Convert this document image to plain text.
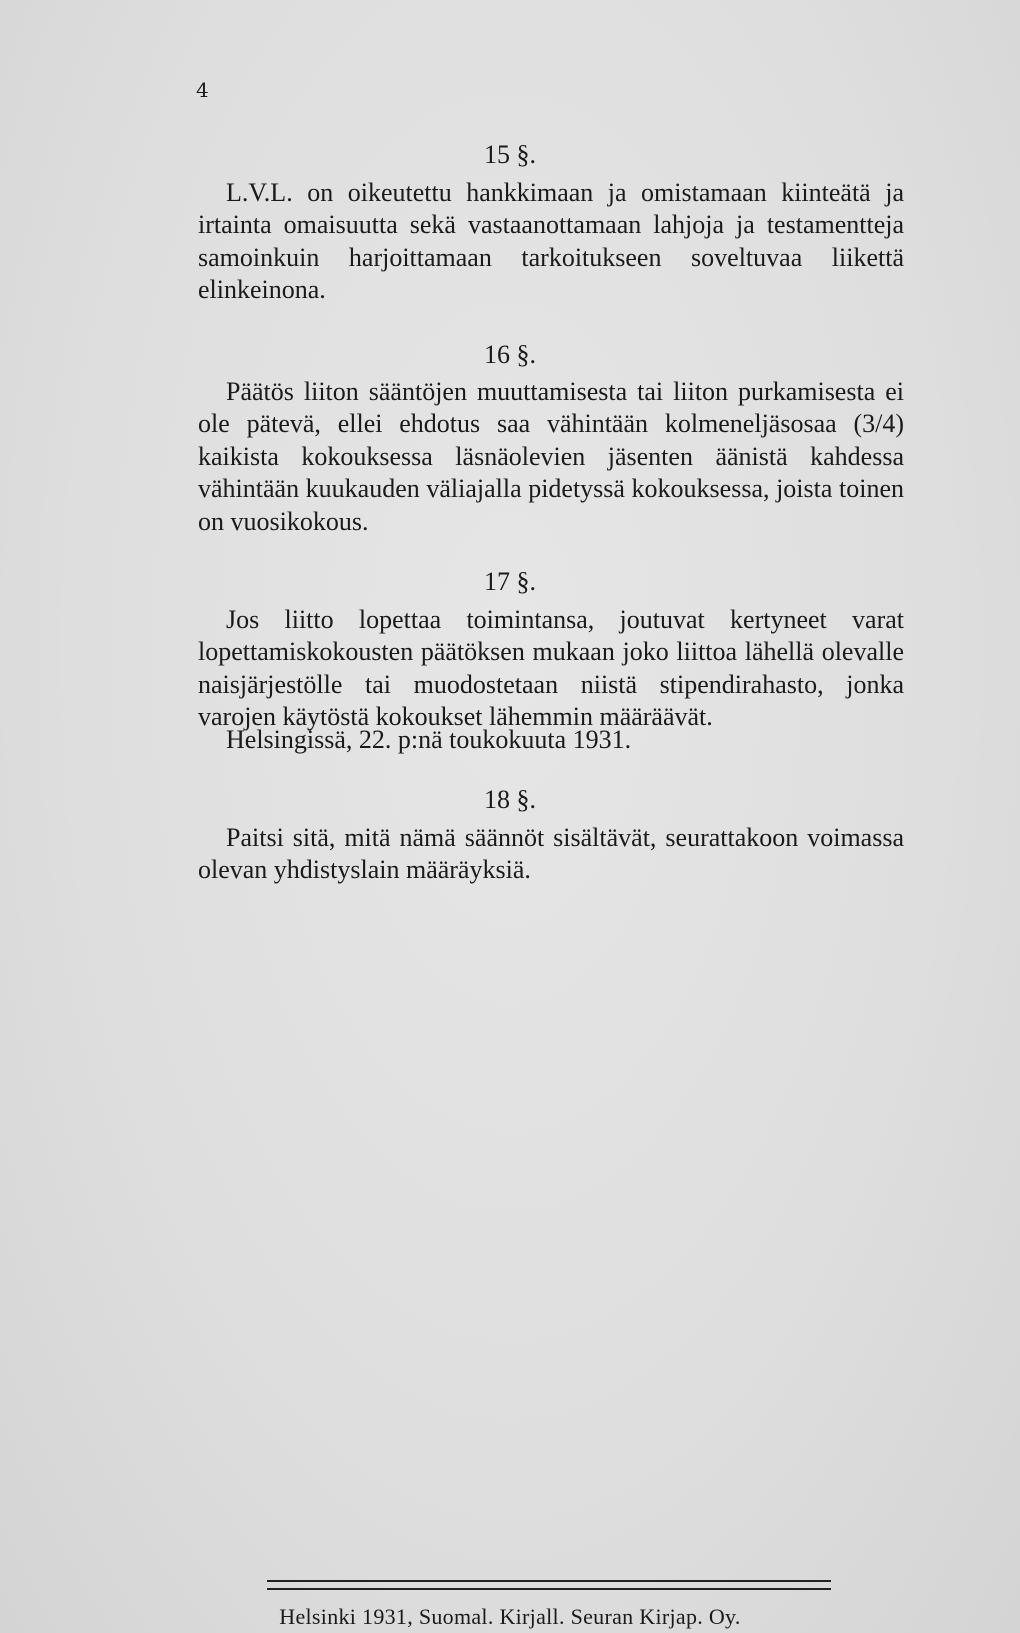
4
15 §.
L.V.L. on oikeutettu hankkimaan ja omistamaan kiinteätä ja irtainta omaisuutta sekä vastaanottamaan lahjoja ja testamentteja samoinkuin harjoittamaan tarkoitukseen soveltuvaa liikettä elinkeinona.
16 §.
Päätös liiton sääntöjen muuttamisesta tai liiton purkamisesta ei ole pätevä, ellei ehdotus saa vähintään kolmeneljäsosaa (3/4) kaikista kokouksessa läsnäolevien jäsenten äänistä kahdessa vähintään kuukauden väliajalla pidetyssä kokouksessa, joista toinen on vuosikokous.
17 §.
Jos liitto lopettaa toimintansa, joutuvat kertyneet varat lopettamiskokousten päätöksen mukaan joko liittoa lähellä olevalle naisjärjestölle tai muodostetaan niistä stipendirahasto, jonka varojen käytöstä kokoukset lähemmin määräävät.
18 §.
Paitsi sitä, mitä nämä säännöt sisältävät, seurattakoon voimassa olevan yhdistyslain määräyksiä.
Helsingissä, 22. p:nä toukokuuta 1931.
Helsinki 1931, Suomal. Kirjall. Seuran Kirjap. Oy.
